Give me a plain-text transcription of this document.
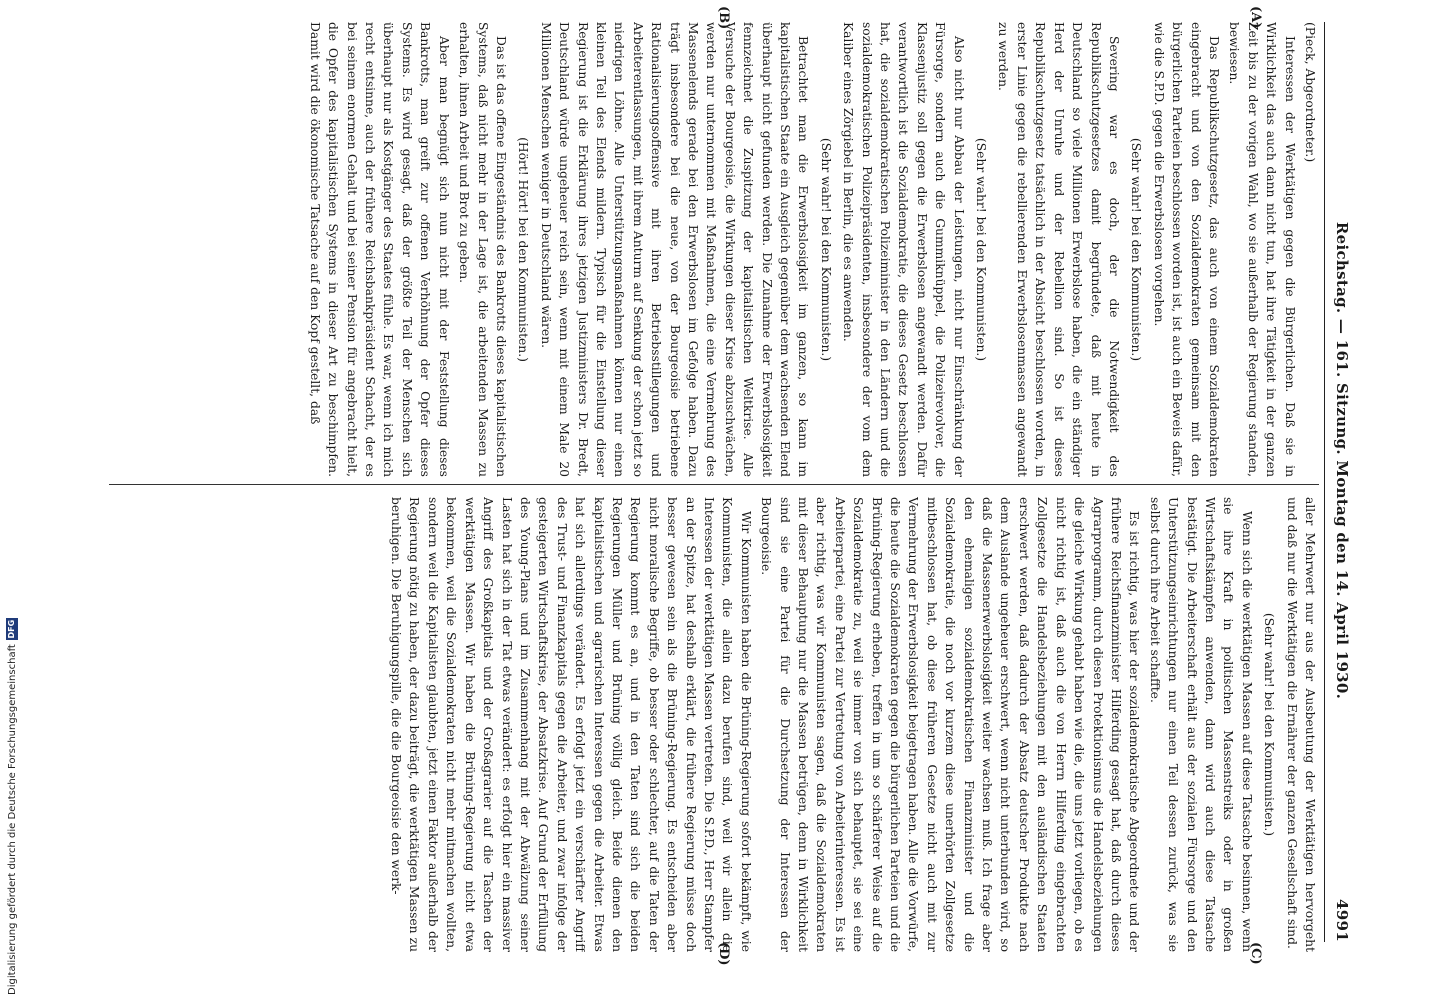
Reichstag. — 161. Sitzung. Montag den 14. April 1930.
4991
(A)
(B)
(C)
(D)

(Pieck, Abgeordneter.)

Interessen der Werktätigen gegen die Bürgerlichen. Daß sie in Wirklichkeit das auch dann nicht tun, hat ihre Tätigkeit in der ganzen Zeit bis zu der vorigen Wahl, wo sie außerhalb der Regierung standen, bewiesen.

Das Republikschutzgesetz, das auch von einem Sozialdemokraten eingebracht und von den Sozialdemokraten gemeinsam mit den bürgerlichen Parteien beschlossen worden ist, ist auch ein Beweis dafür, wie die S.P.D. gegen die Erwerbslosen vorgehen.

(Sehr wahr! bei den Kommunisten.)

Severing war es doch, der die Notwendigkeit des Republikschutzgesetzes damit begründete, daß mit heute in Deutschland so viele Millionen Erwerbslose haben, die ein ständiger Herd der Unruhe und der Rebellion sind. So ist dieses Republikschutzgesetz tatsächlich in der Absicht beschlossen worden, in erster Linie gegen die rebellierenden Erwerbslosenmassen angewandt zu werden.

(Sehr wahr! bei den Kommunisten.)

Also nicht nur Abbau der Leistungen, nicht nur Einschränkung der Fürsorge, sondern auch die Gummiknüppel, die Polizeirevolver, die Klassenjustiz soll gegen die Erwerbslosen angewandt werden. Dafür verantwortlich ist die Sozialdemokratie, die dieses Gesetz beschlossen hat, die sozialdemokratischen Polizeiminister in den Ländern und die sozialdemokratischen Polizeipräsidenten, insbesondere der vom dem Kaliber eines Zörgiebel in Berlin, die es anwenden.

(Sehr wahr! bei den Kommunisten.)

Betrachtet man die Erwerbslosigkeit im ganzen, so kann im kapitalistischen Staate ein Ausgleich gegenüber dem wachsenden Elend überhaupt nicht gefunden werden. Die Zunahme der Erwerbslosigkeit fennzeichnet die Zuspitzung der kapitalistischen Weltkrise. Alle Versuche der Bourgeoisie, die Wirkungen dieser Krise abzuschwächen, werden nur unternommen mit Maßnahmen, die eine Vermehrung des Massenelends gerade bei den Erwerbslosen im Gefolge haben. Dazu trägt insbesondere bei die neue, von der Bourgeoisie betriebene Rationalisierungsoffensive mit ihren Betriebsstillegungen und Arbeiterentlassungen, mit ihrem Anturm auf Senkung der schon jetzt so niedrigen Löhne. Alle Unterstützungsmaßnahmen können nur einen kleinen Teil des Elends mildern. Typisch für die Einstellung dieser Regierung ist die Erklärung ihres jetzigen Justizministers Dr. Bredt, Deutschland würde ungeheuer reich sein, wenn mit einem Male 20 Millionen Menschen weniger in Deutschland wären.

(Hört! Hört! bei den Kommunisten.)

Das ist das offene Eingeständnis des Bankrotts dieses kapitalistischen Systems, daß nicht mehr in der Lage ist, die arbeitenden Massen zu erhalten, ihnen Arbeit und Brot zu geben.

Aber man begnügt sich nun nicht mit der Feststellung dieses Bankrotts, man greift zur offenen Verhöhnung der Opfer dieses Systems. Es wird gesagt, daß der größte Teil der Menschen sich überhaupt nur als Kostgänger des Staates fühle. Es war, wenn ich mich recht entsinne, auch der frühere Reichsbankpräsident Schacht, der es bei seinem enormen Gehalt und bei seiner Pension für angebracht hielt, die Opfer des kapitalistischen Systems in dieser Art zu beschimpfen. Damit wird die ökonomische Tatsache auf den Kopf gestellt, daß

aller Mehrwert nur aus der Ausbeutung der Werktätigen hervorgeht und daß nur die Werktätigen die Ernährer der ganzen Gesellschaft sind.

(Sehr wahr! bei den Kommunisten.)

Wenn sich die werktätigen Massen auf diese Tatsache besinnen, wenn sie ihre Kraft in politischen Massenstreiks oder in großen Wirtschaftskämpfen anwenden, dann wird auch diese Tatsache bestätigt. Die Arbeiterschaft erhält aus der sozialen Fürsorge und den Unterstützungseinrichtungen nur einen Teil dessen zurück, was sie selbst durch ihre Arbeit schaffte.

Es ist richtig, was hier der sozialdemokratische Abgeordnete und der frühere Reichsfinanzminister Hilferding gesagt hat, daß durch dieses Agrarprogramm, durch diesen Protektionismus die Handelsbeziehungen die gleiche Wirkung gehabt haben wie die, die uns jetzt vorliegen, ob es nicht richtig ist, daß auch die von Herrn Hilferding eingebrachten Zollgesetze die Handelsbeziehungen mit den ausländischen Staaten erschwert werden, daß dadurch der Absatz deutscher Produkte nach dem Auslande ungeheuer erschwert, wenn nicht unterbunden wird, so daß die Massenerwerbslosigkeit weiter wachsen muß. Ich frage aber den ehemaligen sozialdemokratischen Finanzminister und die Sozialdemokratie, die noch vor kurzem diese unerhörten Zollgesetze mitbeschlossen hat, ob diese früheren Gesetze nicht auch mit zur Vermehrung der Erwerbslosigkeit beigetragen haben. Alle die Vorwürfe, die heute die Sozialdemokraten gegen die bürgerlichen Parteien und die Brüning-Regierung erheben, treffen in um so schärferer Weise auf die Sozialdemokratie zu, weil sie immer von sich behauptet, sie sei eine Arbeiterpartei, eine Partei zur Vertretung von Arbeiterinteressen. Es ist aber richtig, was wir Kommunisten sagen, daß die Sozialdemokraten mit dieser Behauptung nur die Massen betrügen, denn in Wirklichkeit sind sie eine Partei für die Durchsetzung der Interessen der Bourgeoisie.

Wir Kommunisten haben die Brüning-Regierung sofort bekämpft, wie Kommunisten, die allein dazu berufen sind, weil wir allein die Interessen der werktätigen Massen vertreten. Die S.P.D., Herr Stampfer an der Spitze, hat deshalb erklärt, die frühere Regierung müsse doch besser gewesen sein als die Brüning-Regierung. Es entscheiden aber nicht moralische Begriffe, ob besser oder schlechter, auf die Taten der Regierung kommt es an, und in den Taten sind sich die beiden Regierungen Müller und Brüning völlig gleich. Beide dienen den kapitalistischen und agrarischen Interessen gegen die Arbeiter. Etwas hat sich allerdings verändert. Es erfolgt jetzt ein verschärfter Angriff des Trust- und Finanzkapitals gegen die Arbeiter, und zwar infolge der gesteigerten Wirtschaftskrise, der Absatzkrise. Auf Grund der Erfüllung des Young-Plans und im Zusammenhang mit der Abwälzung seiner Lasten hat sich in der Tat etwas verändert: es erfolgt hier ein massiver Angriff des Großkapitals und der Großagrarier auf die Taschen der werktätigen Massen. Wir haben die Brüning-Regierung nicht etwa bekommen, weil die Sozialdemokraten nicht mehr mitmachen wollten, sondern weil die Kapitalisten glaubten, jetzt einen Faktor außerhalb der Regierung nötig zu haben, der dazu beiträgt, die werktätigen Massen zu beruhigen. Die Beruhigungspille, die die Bourgeoisie den werk-

Digitalisierung gefördert durch die Deutsche Forschungsgemeinschaft
DFG
